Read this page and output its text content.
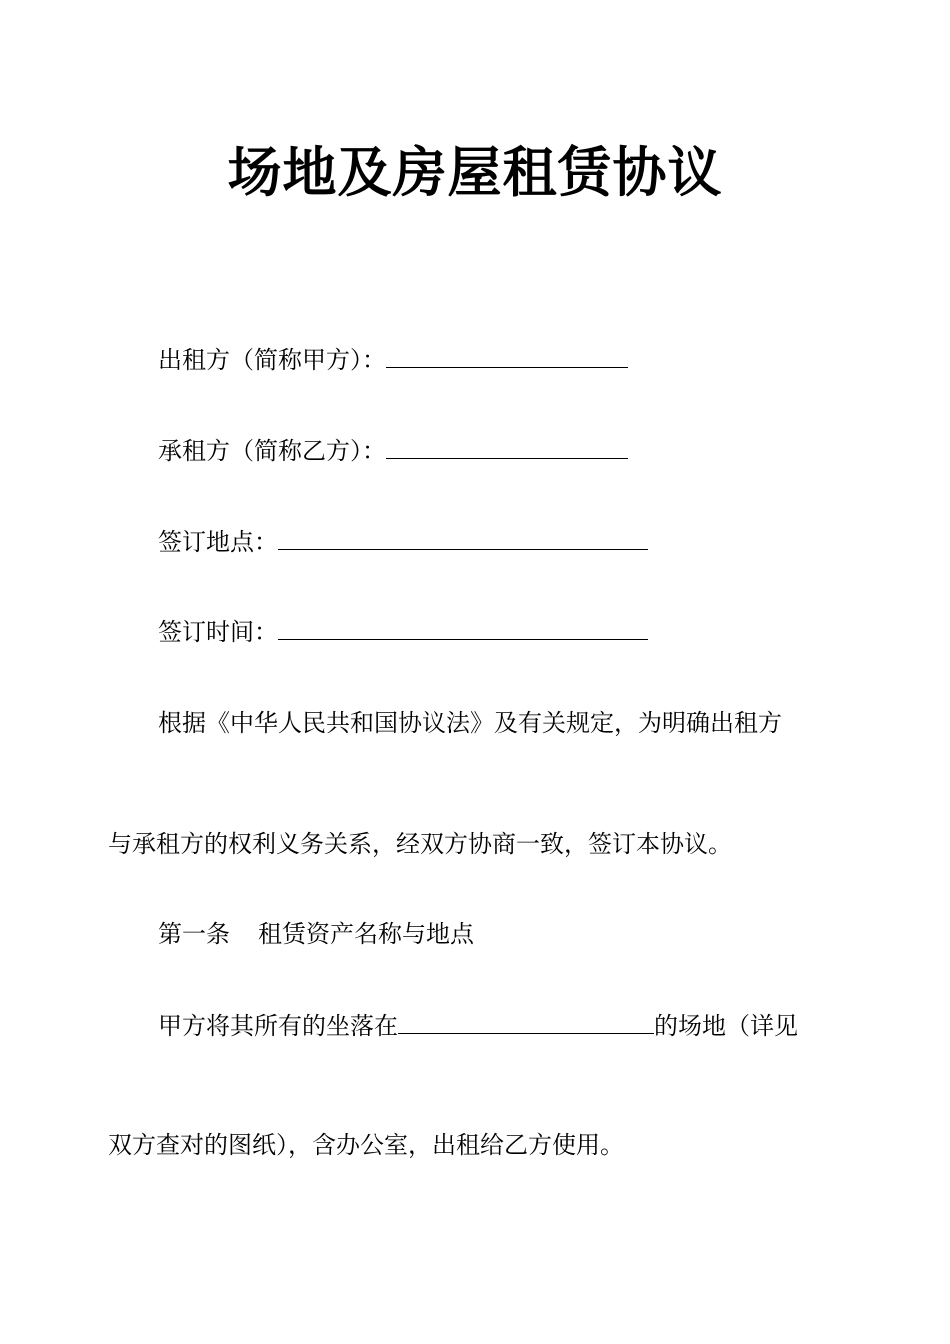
场地及房屋租赁协议
出租方（简称甲方）：
承租方（简称乙方）：
签订地点：
签订时间：
根据《中华人民共和国协议法》及有关规定，为明确出租方
与承租方的权利义务关系，经双方协商一致，签订本协议。
第一条 租赁资产名称与地点
甲方将其所有的坐落在	的场地（详见
双方查对的图纸），含办公室，出租给乙方使用。
